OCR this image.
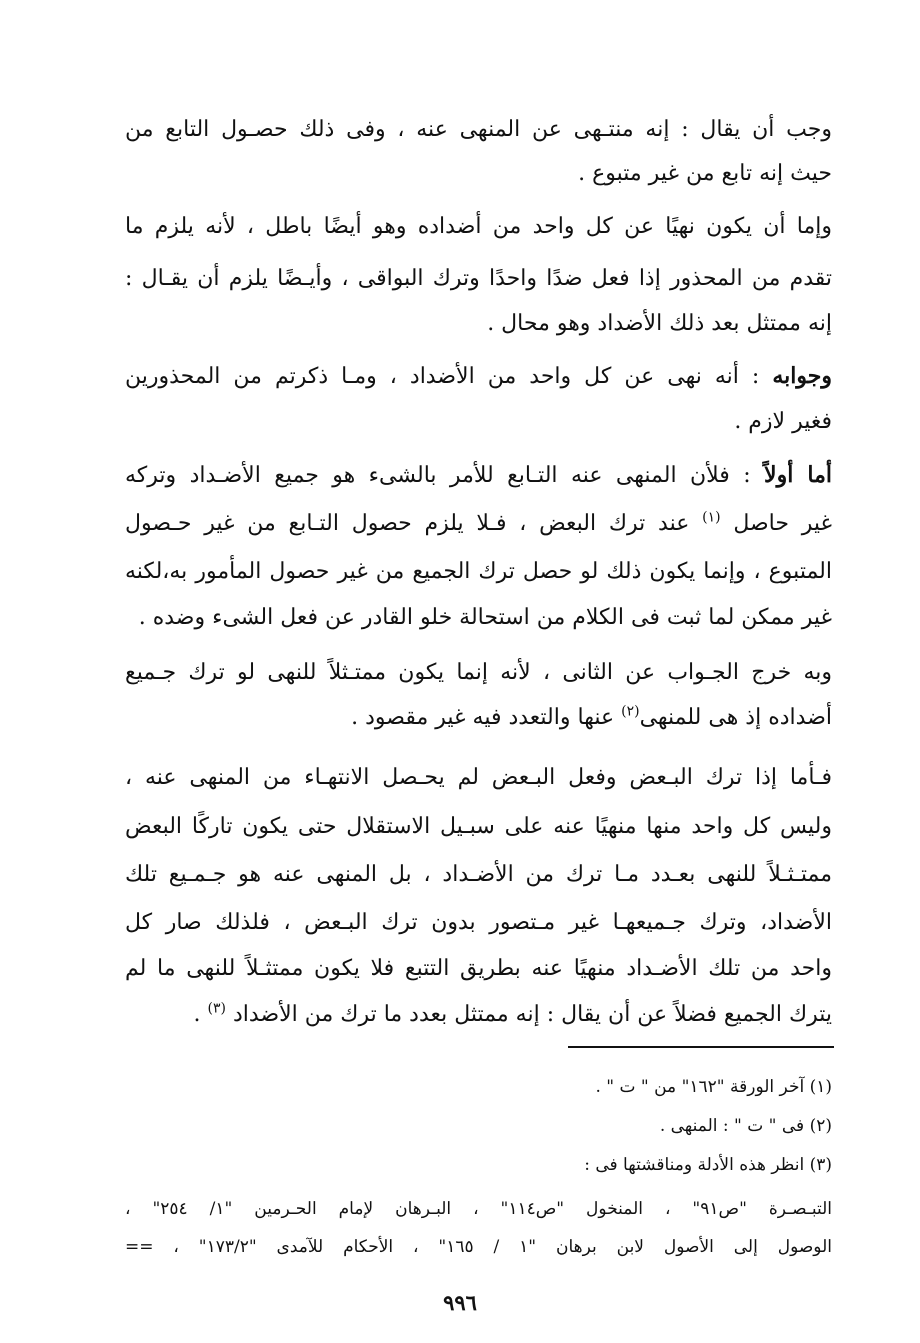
وجب أن يقال : إنه منتـهى عن المنهى عنه ، وفى ذلك حصـول التابع من
حيث إنه تابع من غير متبوع .
وإما أن يكون نهيًا عن كل واحد من أضداده وهو أيضًا باطل ، لأنه يلزم ما
تقدم من المحذور إذا فعل ضدًا واحدًا وترك البواقى ، وأيـضًا يلزم أن يقـال :
إنه ممتثل بعد ذلك الأضداد وهو محال .
وجوابه : أنه نهى عن كل واحد من الأضداد ، ومـا ذكرتم من المحذورين
فغير لازم .
أما أولاً : فلأن المنهى عنه التـابع للأمر بالشىء هو جميع الأضـداد وتركه
غير حاصل $^{(١)}$ عند ترك البعض ، فـلا يلزم حصول التـابع من غير حـصول
المتبوع ، وإنما يكون ذلك لو حصل ترك الجميع من غير حصول المأمور به،لكنه
غير ممكن لما ثبت فى الكلام من استحالة خلو القادر عن فعل الشىء وضده .
وبه خرج الجـواب عن الثانى ، لأنه إنما يكون ممتـثلاً للنهى لو ترك جـميع
أضداده إذ هى للمنهى$^{(٢)}$ عنها والتعدد فيه غير مقصود .
فـأما إذا ترك البـعض وفعل البـعض لم يحـصل الانتهـاء من المنهى عنه ،
وليس كل واحد منها منهيًا عنه على سبـيل الاستقلال حتى يكون تاركًا البعض
ممتـثـلاً للنهى بعـدد مـا ترك من الأضـداد ، بل المنهى عنه هو جـمـيع تلك
الأضداد، وترك جـميعهـا غير مـتصور بدون ترك البـعض ، فلذلك صار كل
واحد من تلك الأضـداد منهيًا عنه بطريق التتبع فلا يكون ممتثـلاً للنهى ما لم
يترك الجميع فضلاً عن أن يقال : إنه ممتثل بعدد ما ترك من الأضداد $^{(٣)}$ .
(١) آخر الورقة "١٦٢" من " ت " .
(٢) فى " ت " : المنهى .
(٣) انظر هذه الأدلة ومناقشتها فى :
التبـصـرة "ص٩١" ، المنخول "ص١١٤" ، البـرهان لإمام الحـرمين "١/ ٢٥٤" ،
الوصول إلى الأصول لابن برهان "١ / ١٦٥" ، الأحكام للآمدى "١٧٣/٢" ، ==
٩٩٦
